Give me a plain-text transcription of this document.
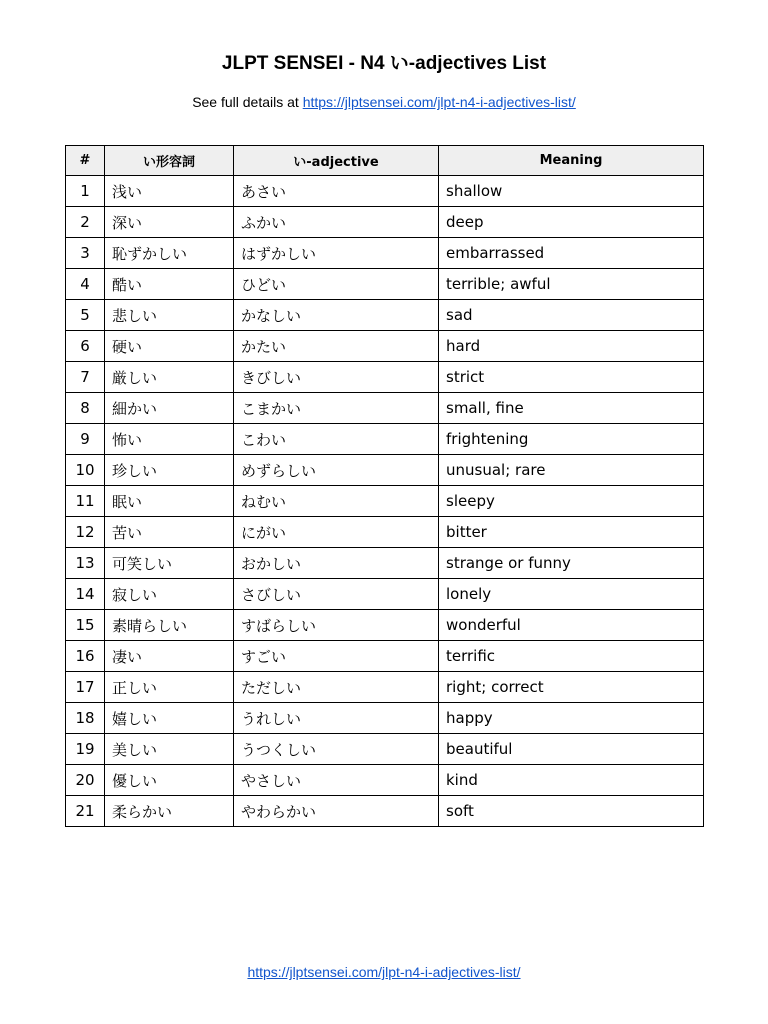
JLPT SENSEI - N4 い-adjectives List
See full details at https://jlptsensei.com/jlpt-n4-i-adjectives-list/
#	い形容詞	い-adjective	Meaning
1	浅い	あさい	shallow
2	深い	ふかい	deep
3	恥ずかしい	はずかしい	embarrassed
4	酷い	ひどい	terrible; awful
5	悲しい	かなしい	sad
6	硬い	かたい	hard
7	厳しい	きびしい	strict
8	細かい	こまかい	small, fine
9	怖い	こわい	frightening
10	珍しい	めずらしい	unusual; rare
11	眠い	ねむい	sleepy
12	苦い	にがい	bitter
13	可笑しい	おかしい	strange or funny
14	寂しい	さびしい	lonely
15	素晴らしい	すばらしい	wonderful
16	凄い	すごい	terrific
17	正しい	ただしい	right; correct
18	嬉しい	うれしい	happy
19	美しい	うつくしい	beautiful
20	優しい	やさしい	kind
21	柔らかい	やわらかい	soft
https://jlptsensei.com/jlpt-n4-i-adjectives-list/
